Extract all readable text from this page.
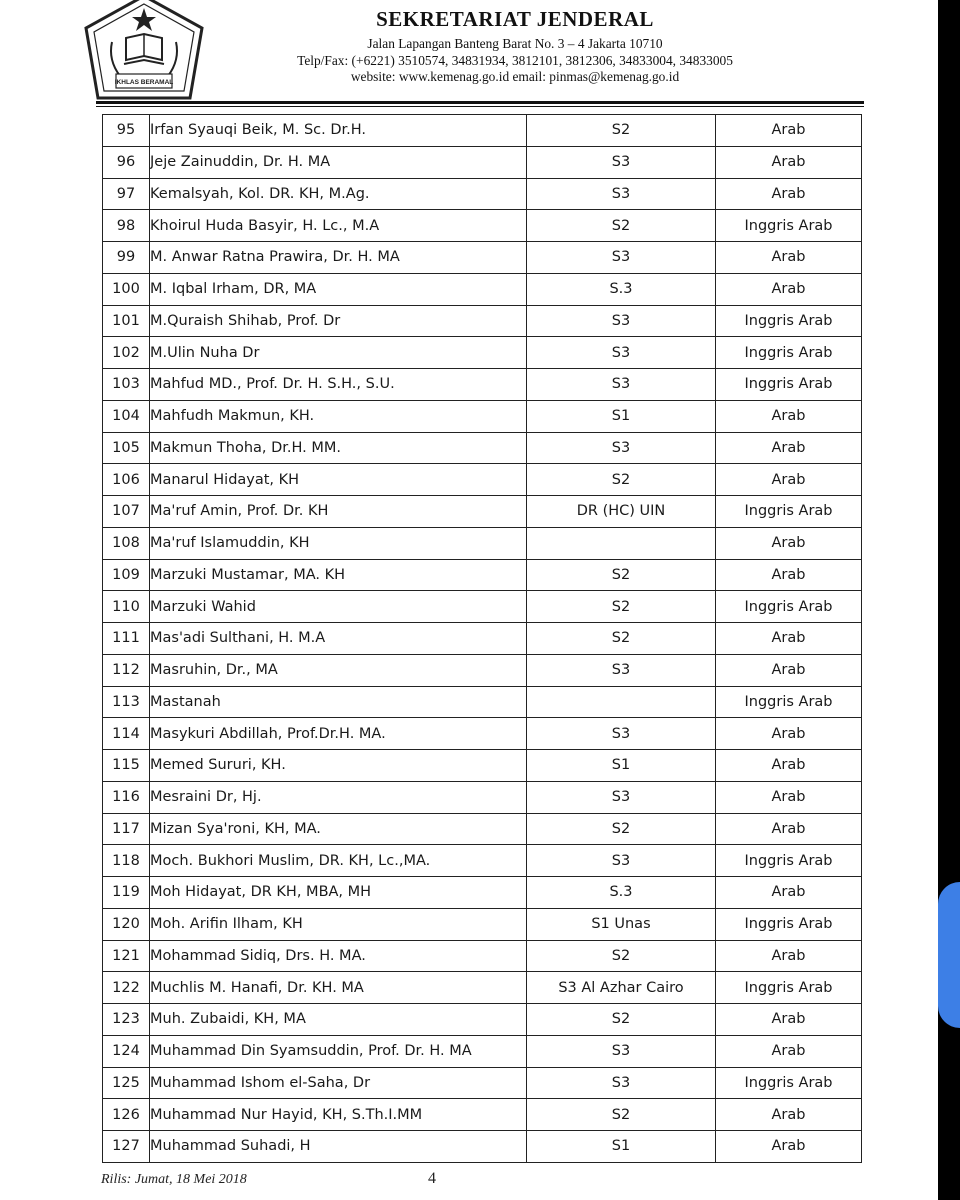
IKHLAS BERAMAL

SEKRETARIAT JENDERAL

Jalan Lapangan Banteng Barat No. 3 – 4 Jakarta 10710

Telp/Fax: (+6221) 3510574, 34831934, 3812101, 3812306, 34833004, 34833005

website: www.kemenag.go.id email: pinmas@kemenag.go.id

95	Irfan Syauqi Beik, M. Sc. Dr.H.	S2	Arab
96	Jeje Zainuddin, Dr. H. MA	S3	Arab
97	Kemalsyah, Kol. DR. KH, M.Ag.	S3	Arab
98	Khoirul Huda Basyir, H. Lc., M.A	S2	Inggris Arab
99	M. Anwar Ratna Prawira, Dr. H. MA	S3	Arab
100	M. Iqbal Irham, DR, MA	S.3	Arab
101	M.Quraish Shihab, Prof. Dr	S3	Inggris Arab
102	M.Ulin Nuha Dr	S3	Inggris Arab
103	Mahfud MD., Prof. Dr. H. S.H., S.U.	S3	Inggris Arab
104	Mahfudh Makmun, KH.	S1	Arab
105	Makmun Thoha, Dr.H. MM.	S3	Arab
106	Manarul Hidayat, KH	S2	Arab
107	Ma'ruf Amin, Prof. Dr. KH	DR (HC) UIN	Inggris Arab
108	Ma'ruf Islamuddin, KH		Arab
109	Marzuki Mustamar, MA. KH	S2	Arab
110	Marzuki Wahid	S2	Inggris Arab
111	Mas'adi Sulthani, H. M.A	S2	Arab
112	Masruhin, Dr., MA	S3	Arab
113	Mastanah		Inggris Arab
114	Masykuri Abdillah, Prof.Dr.H. MA.	S3	Arab
115	Memed Sururi, KH.	S1	Arab
116	Mesraini Dr, Hj.	S3	Arab
117	Mizan Sya'roni, KH, MA.	S2	Arab
118	Moch. Bukhori Muslim, DR. KH, Lc.,MA.	S3	Inggris Arab
119	Moh Hidayat, DR KH, MBA, MH	S.3	Arab
120	Moh. Arifin Ilham, KH	S1 Unas	Inggris Arab
121	Mohammad Sidiq, Drs. H. MA.	S2	Arab
122	Muchlis M. Hanafi, Dr. KH. MA	S3 Al Azhar Cairo	Inggris Arab
123	Muh. Zubaidi, KH, MA	S2	Arab
124	Muhammad Din Syamsuddin, Prof. Dr. H. MA	S3	Arab
125	Muhammad Ishom el-Saha, Dr	S3	Inggris Arab
126	Muhammad Nur Hayid, KH, S.Th.I.MM	S2	Arab
127	Muhammad Suhadi, H	S1	Arab
Rilis: Jumat, 18 Mei 2018	4
